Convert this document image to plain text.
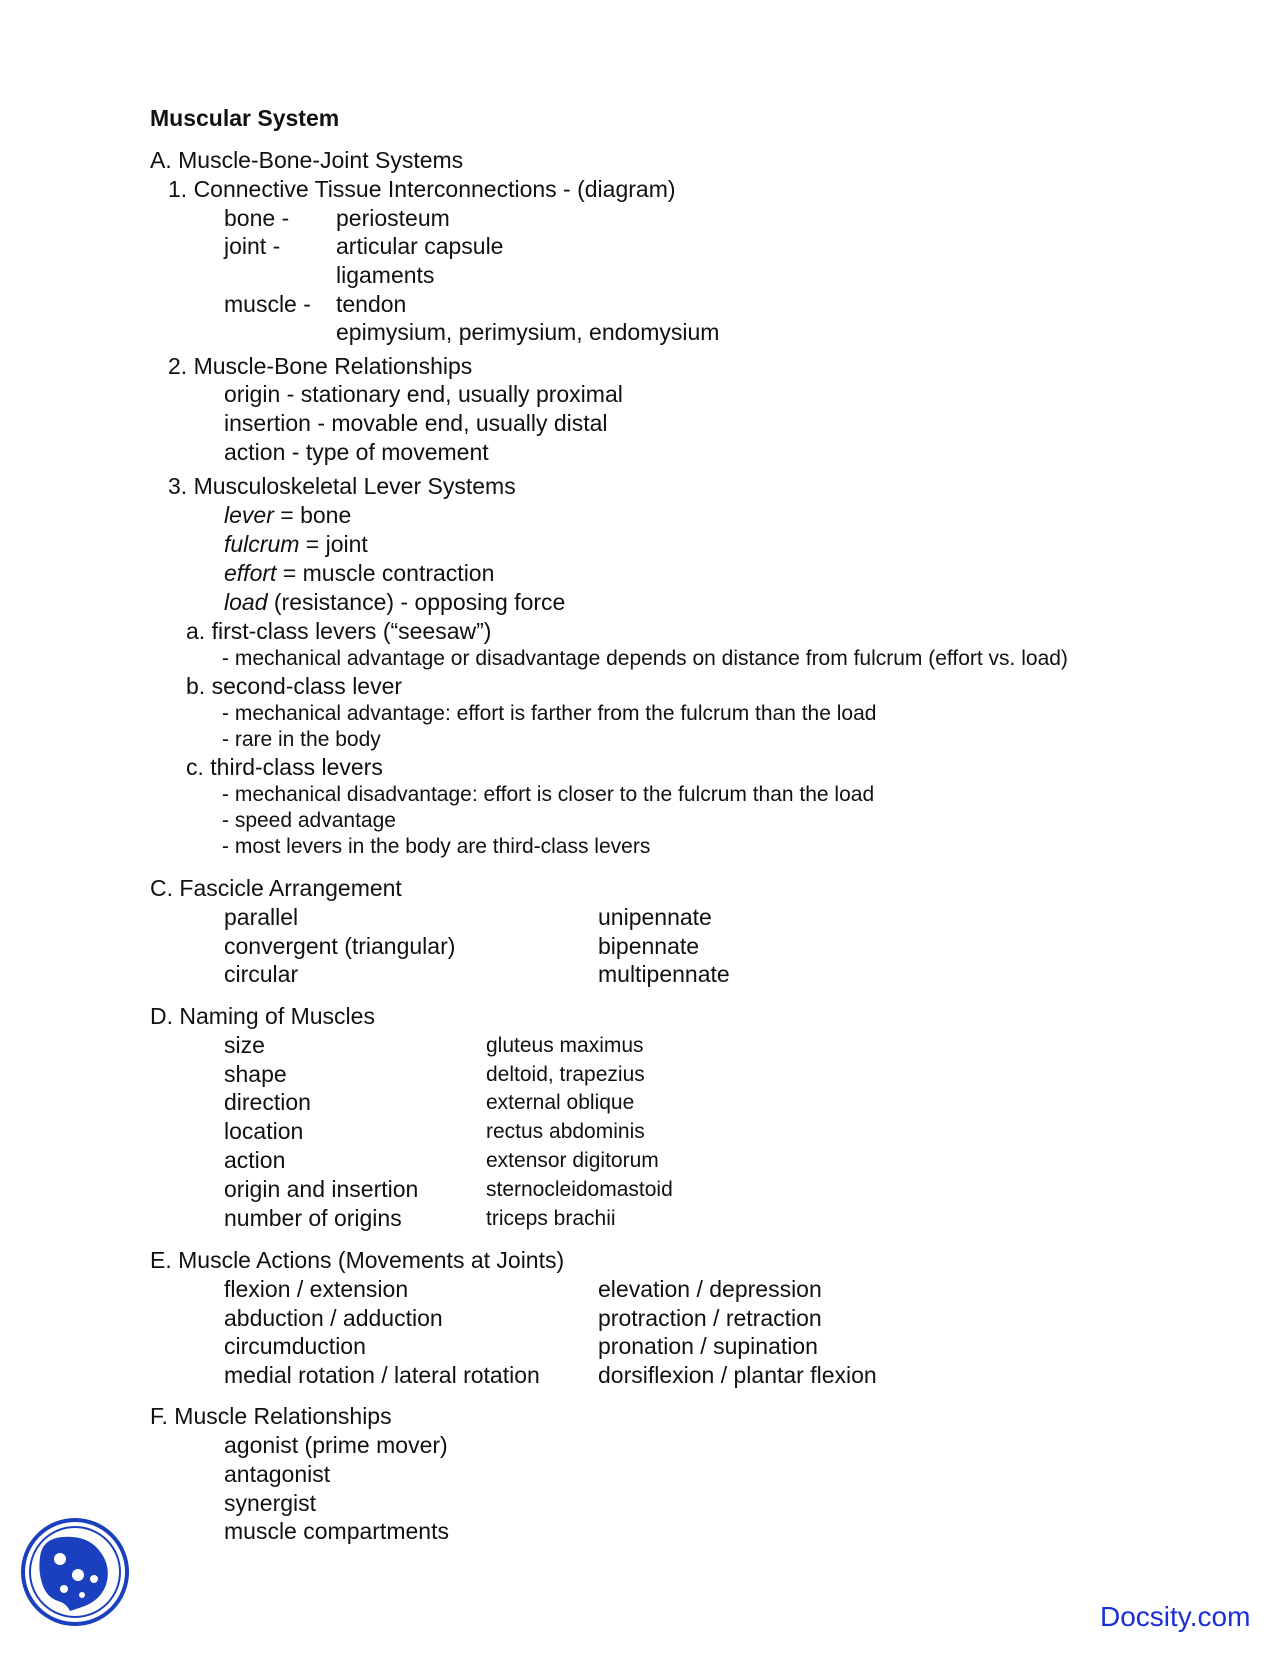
Muscular System
A. Muscle-Bone-Joint Systems
1. Connective Tissue Interconnections - (diagram)
bone - periosteum
joint - articular capsule
ligaments
muscle - tendon
epimysium, perimysium, endomysium
2. Muscle-Bone Relationships
origin - stationary end, usually proximal
insertion - movable end, usually distal
action - type of movement
3. Musculoskeletal Lever Systems
lever = bone
fulcrum = joint
effort = muscle contraction
load (resistance) - opposing force
a. first-class levers (“seesaw”)
- mechanical advantage or disadvantage depends on distance from fulcrum (effort vs. load)
b. second-class lever
- mechanical advantage: effort is farther from the fulcrum than the load
- rare in the body
c. third-class levers
- mechanical disadvantage: effort is closer to the fulcrum than the load
- speed advantage
- most levers in the body are third-class levers
C. Fascicle Arrangement
parallel	unipennate
convergent (triangular)	bipennate
circular	multipennate
D. Naming of Muscles
size	gluteus maximus
shape	deltoid, trapezius
direction	external oblique
location	rectus abdominis
action	extensor digitorum
origin and insertion	sternocleidomastoid
number of origins	triceps brachii
E. Muscle Actions (Movements at Joints)
flexion / extension	elevation / depression
abduction / adduction	protraction / retraction
circumduction	pronation / supination
medial rotation / lateral rotation	dorsiflexion / plantar flexion
F. Muscle Relationships
agonist (prime mover)
antagonist
synergist
muscle compartments
Docsity.com
